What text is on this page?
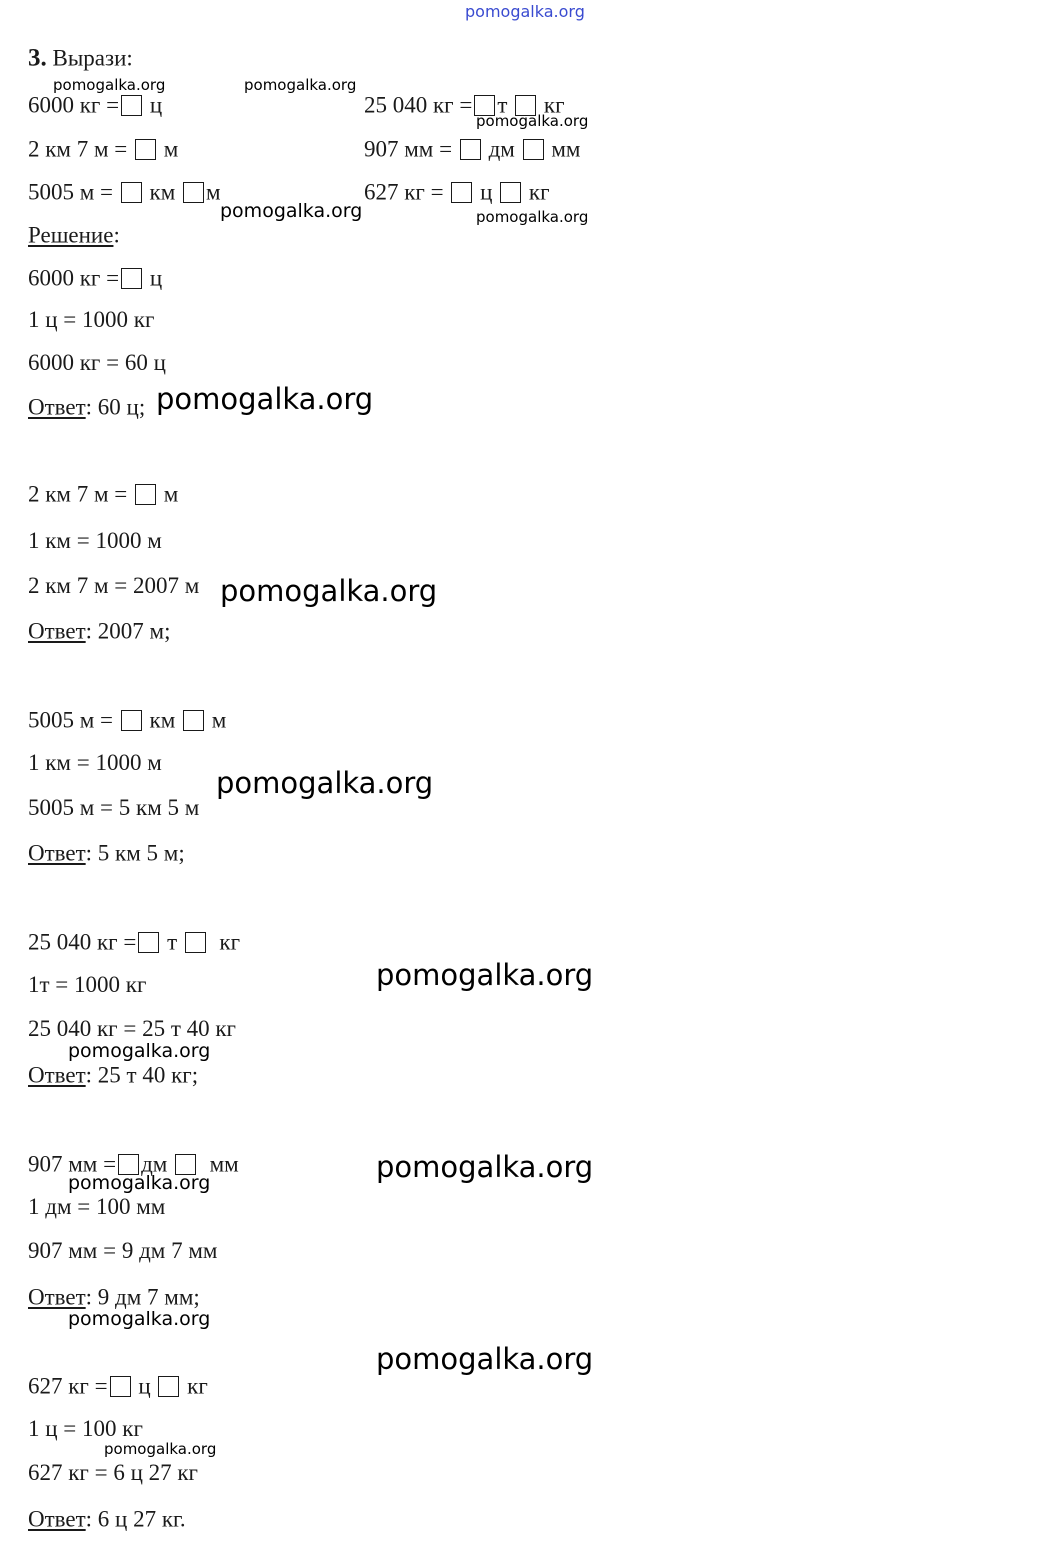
3. Вырази:
6000 кг = ц	25 040 кг = т кг
2 км 7 м = м	907 мм = дм мм
5005 м = км м	627 кг = ц кг
Решение:
6000 кг = ц
1 ц = 1000 кг
6000 кг = 60 ц
Ответ: 60 ц;
2 км 7 м = м
1 км = 1000 м
2 км 7 м = 2007 м
Ответ: 2007 м;
5005 м = км м
1 км = 1000 м
5005 м = 5 км 5 м
Ответ: 5 км 5 м;
25 040 кг = т кг
1т = 1000 кг
25 040 кг = 25 т 40 кг
Ответ: 25 т 40 кг;
907 мм = дм мм
1 дм = 100 мм
907 мм = 9 дм 7 мм
Ответ: 9 дм 7 мм;
627 кг = ц кг
1 ц = 100 кг
627 кг = 6 ц 27 кг
Ответ: 6 ц 27 кг.
pomogalka.org
pomogalka.org	pomogalka.org
pomogalka.org
pomogalka.org	pomogalka.org
pomogalka.org
pomogalka.org
pomogalka.org
pomogalka.org
pomogalka.org
pomogalka.org
pomogalka.org
pomogalka.org
pomogalka.org
pomogalka.org
